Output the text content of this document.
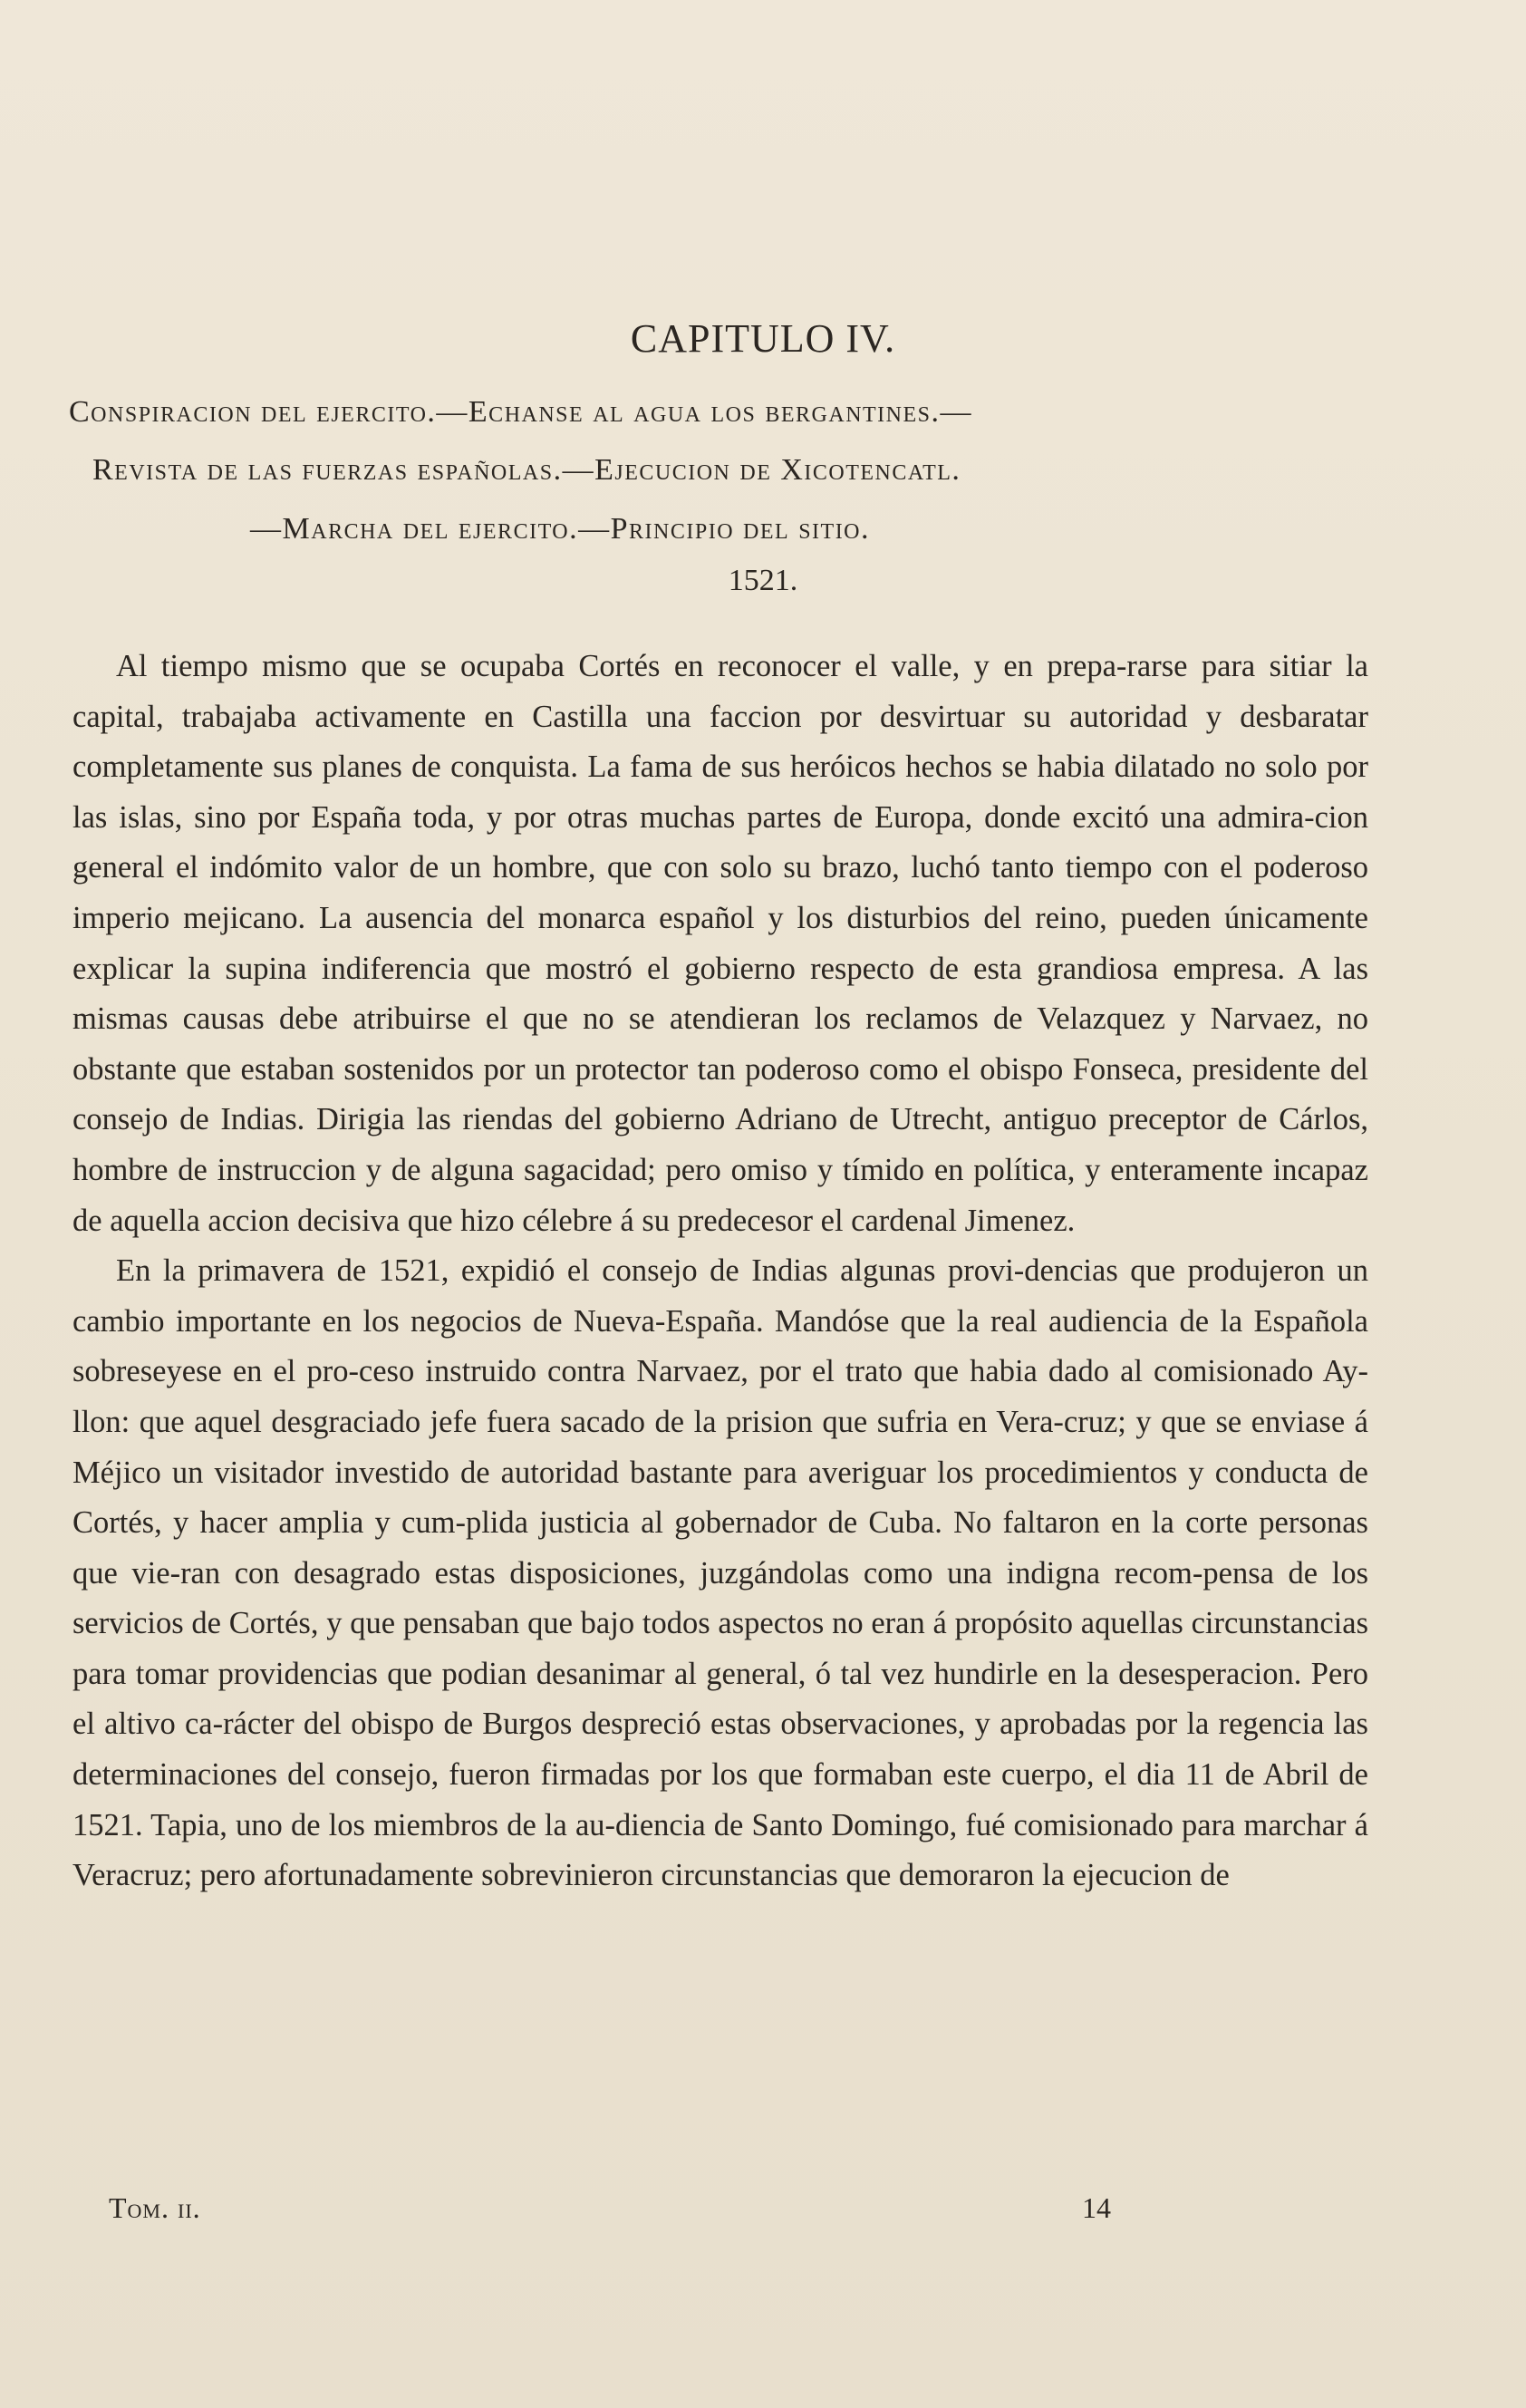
CAPITULO IV.
Conspiracion del ejercito.—Echanse al agua los bergantines.—
Revista de las fuerzas españolas.—Ejecucion de Xicotencatl.
—Marcha del ejercito.—Principio del sitio.
1521.

Al tiempo mismo que se ocupaba Cortés en reconocer el valle, y en prepa-rarse para sitiar la capital, trabajaba activamente en Castilla una faccion por desvirtuar su autoridad y desbaratar completamente sus planes de conquista. La fama de sus heróicos hechos se habia dilatado no solo por las islas, sino por España toda, y por otras muchas partes de Europa, donde excitó una admira-cion general el indómito valor de un hombre, que con solo su brazo, luchó tanto tiempo con el poderoso imperio mejicano. La ausencia del monarca español y los disturbios del reino, pueden únicamente explicar la supina indiferencia que mostró el gobierno respecto de esta grandiosa empresa. A las mismas causas debe atribuirse el que no se atendieran los reclamos de Velazquez y Narvaez, no obstante que estaban sostenidos por un protector tan poderoso como el obispo Fonseca, presidente del consejo de Indias. Dirigia las riendas del gobierno Adriano de Utrecht, antiguo preceptor de Cárlos, hombre de instruccion y de alguna sagacidad; pero omiso y tímido en política, y enteramente incapaz de aquella accion decisiva que hizo célebre á su predecesor el cardenal Jimenez.

En la primavera de 1521, expidió el consejo de Indias algunas provi-dencias que produjeron un cambio importante en los negocios de Nueva-España. Mandóse que la real audiencia de la Española sobreseyese en el pro-ceso instruido contra Narvaez, por el trato que habia dado al comisionado Ay-llon: que aquel desgraciado jefe fuera sacado de la prision que sufria en Vera-cruz; y que se enviase á Méjico un visitador investido de autoridad bastante para averiguar los procedimientos y conducta de Cortés, y hacer amplia y cum-plida justicia al gobernador de Cuba. No faltaron en la corte personas que vie-ran con desagrado estas disposiciones, juzgándolas como una indigna recom-pensa de los servicios de Cortés, y que pensaban que bajo todos aspectos no eran á propósito aquellas circunstancias para tomar providencias que podian desanimar al general, ó tal vez hundirle en la desesperacion. Pero el altivo ca-rácter del obispo de Burgos despreció estas observaciones, y aprobadas por la regencia las determinaciones del consejo, fueron firmadas por los que formaban este cuerpo, el dia 11 de Abril de 1521. Tapia, uno de los miembros de la au-diencia de Santo Domingo, fué comisionado para marchar á Veracruz; pero afortunadamente sobrevinieron circunstancias que demoraron la ejecucion de

Tom. ii.	14
